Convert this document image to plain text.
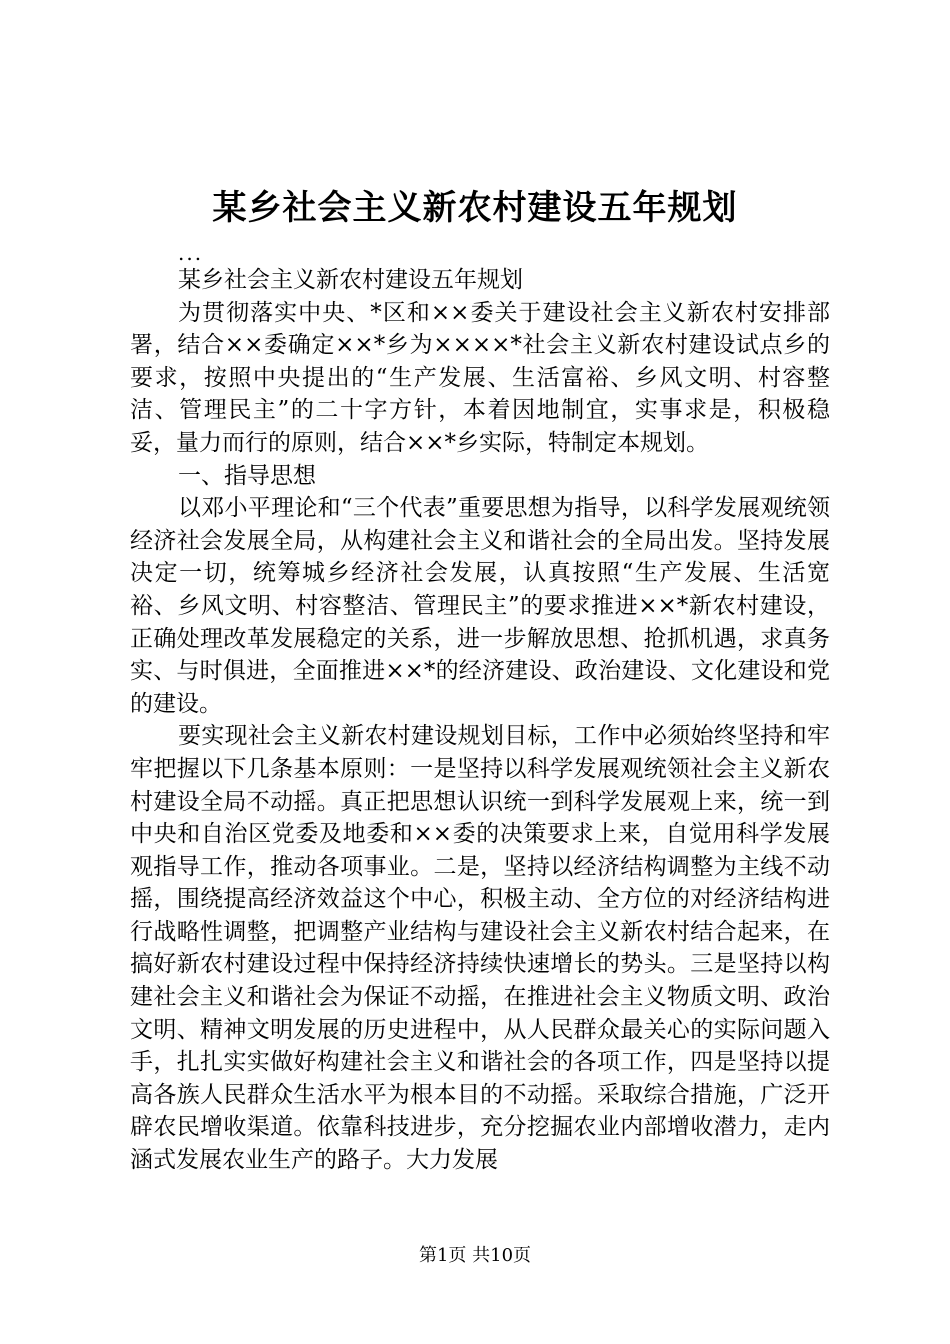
某乡社会主义新农村建设五年规划
...

某乡社会主义新农村建设五年规划

为贯彻落实中央、*区和××委关于建设社会主义新农村安排部署，结合××委确定××*乡为××××*社会主义新农村建设试点乡的要求，按照中央提出的“生产发展、生活富裕、乡风文明、村容整洁、管理民主”的二十字方针，本着因地制宜，实事求是，积极稳妥，量力而行的原则，结合××*乡实际，特制定本规划。

一、指导思想

以邓小平理论和“三个代表”重要思想为指导，以科学发展观统领经济社会发展全局，从构建社会主义和谐社会的全局出发。坚持发展决定一切，统筹城乡经济社会发展，认真按照“生产发展、生活宽裕、乡风文明、村容整洁、管理民主”的要求推进××*新农村建设，正确处理改革发展稳定的关系，进一步解放思想、抢抓机遇，求真务实、与时俱进，全面推进××*的经济建设、政治建设、文化建设和党的建设。

要实现社会主义新农村建设规划目标，工作中必须始终坚持和牢牢把握以下几条基本原则：一是坚持以科学发展观统领社会主义新农村建设全局不动摇。真正把思想认识统一到科学发展观上来，统一到中央和自治区党委及地委和××委的决策要求上来，自觉用科学发展观指导工作，推动各项事业。二是，坚持以经济结构调整为主线不动摇，围绕提高经济效益这个中心，积极主动、全方位的对经济结构进行战略性调整，把调整产业结构与建设社会主义新农村结合起来，在搞好新农村建设过程中保持经济持续快速增长的势头。三是坚持以构建社会主义和谐社会为保证不动摇，在推进社会主义物质文明、政治文明、精神文明发展的历史进程中，从人民群众最关心的实际问题入手，扎扎实实做好构建社会主义和谐社会的各项工作，四是坚持以提高各族人民群众生活水平为根本目的不动摇。采取综合措施，广泛开辟农民增收渠道。依靠科技进步，充分挖掘农业内部增收潜力，走内涵式发展农业生产的路子。大力发展

第1页 共10页
